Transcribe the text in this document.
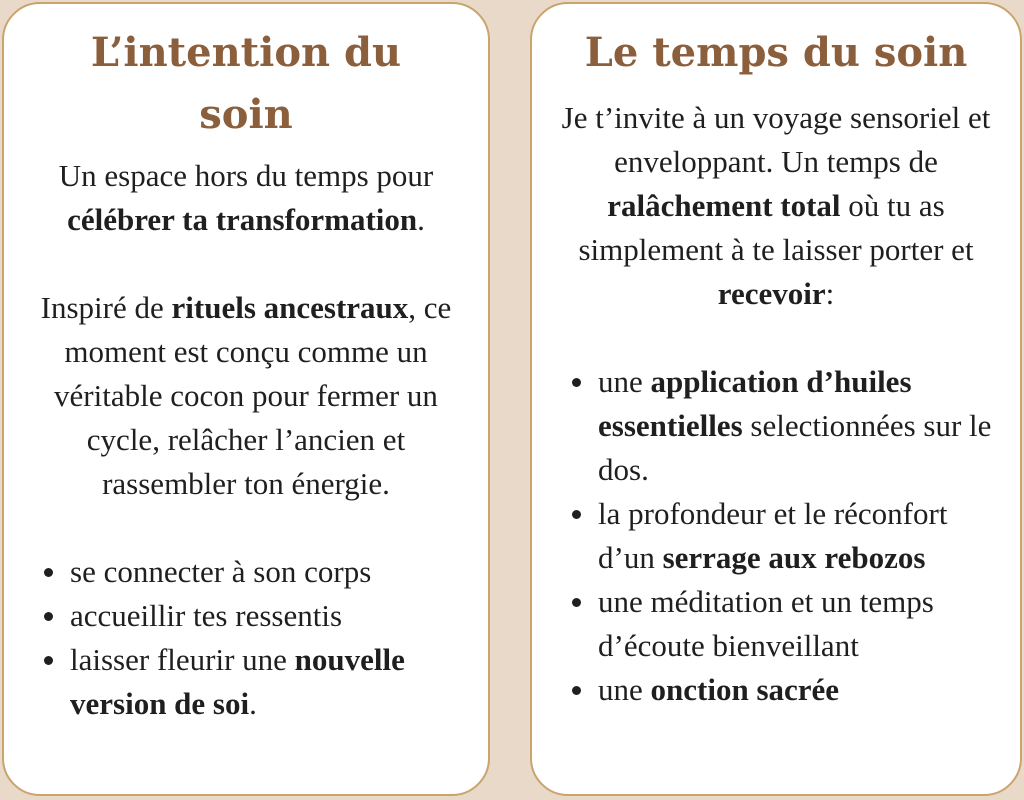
L’intention du soin

Un espace hors du temps pour célébrer ta transformation.

Inspiré de rituels ancestraux, ce moment est conçu comme un véritable cocon pour fermer un cycle, relâcher l’ancien et rassembler ton énergie.

se connecter à son corps
accueillir tes ressentis
laisser fleurir une nouvelle version de soi.
Le temps du soin

Je t’invite à un voyage sensoriel et enveloppant. Un temps de ralâchement total où tu as simplement à te laisser porter et recevoir:

une application d’huiles essentielles selectionnées sur le dos.
la profondeur et le réconfort d’un serrage aux rebozos
une méditation et un temps d’écoute bienveillant
une onction sacrée
